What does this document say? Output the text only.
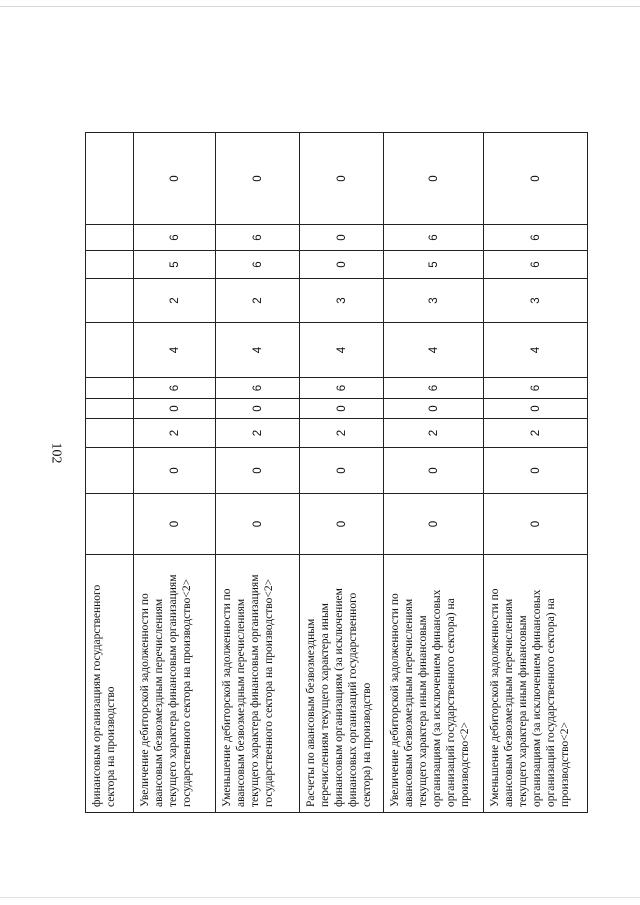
102
финансовым организациям государственного сектора на производство										
Увеличение дебиторской задолженности по авансовым безвозмездным перечислениям текущего характера финансовым организациям государственного сектора на производство<2>	0	0	2	0	6	4	2	5	6	0
Уменьшение дебиторской задолженности по авансовым безвозмездным перечислениям текущего характера финансовым организациям государственного сектора на производство<2>	0	0	2	0	6	4	2	6	6	0
Расчеты по авансовым безвозмездным перечислениям текущего характера иным финансовым организациям (за исключением финансовых организаций государственного сектора) на производство	0	0	2	0	6	4	3	0	0	0
Увеличение дебиторской задолженности по авансовым безвозмездным перечислениям текущего характера иным финансовым организациям (за исключением финансовых организаций государственного сектора) на производство<2>	0	0	2	0	6	4	3	5	6	0
Уменьшение дебиторской задолженности по авансовым безвозмездным перечислениям текущего характера иным финансовым организациям (за исключением финансовых организаций государственного сектора) на производство<2>	0	0	2	0	6	4	3	6	6	0
